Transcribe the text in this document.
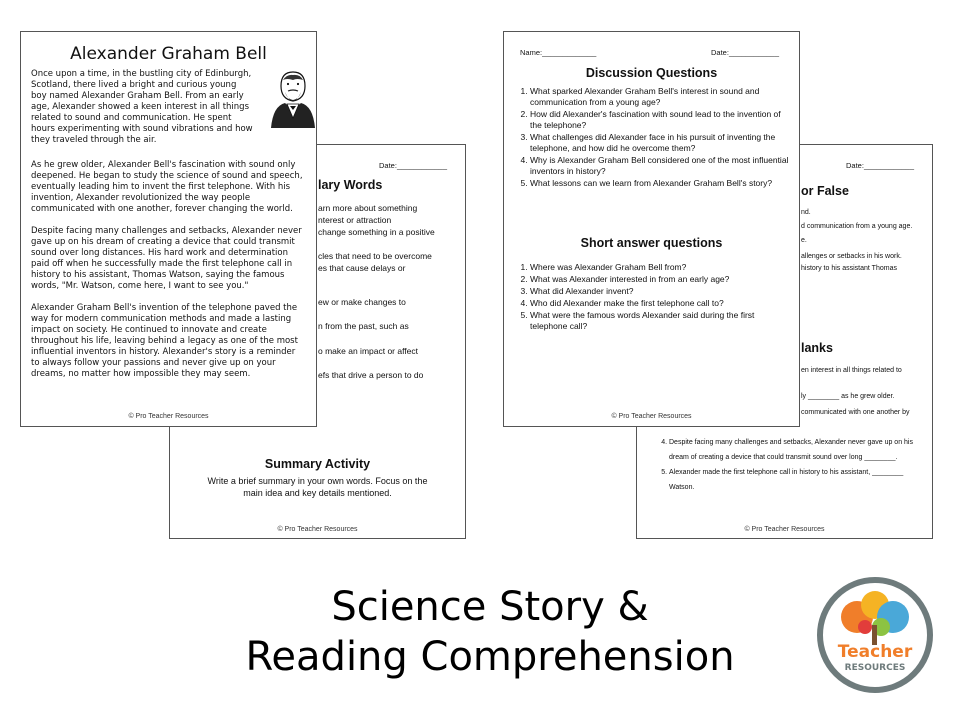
Date:____________
lary Words
arn more about something
nterest or attraction
change something in a positive
cles that need to be overcome
es that cause delays or
ew or make changes to
n from the past, such as
o make an impact or affect
efs that drive a person to do
Summary Activity
Write a brief summary in your own words. Focus on the main idea and key details mentioned.
© Pro Teacher Resources
Date:____________
or False
nd.
d communication from a young age.
e.
allenges or setbacks in his work.
history to his assistant Thomas
lanks
en interest in all things related to
ly ________ as he grew older.
communicated with one another by
4. Despite facing many challenges and setbacks, Alexander never gave up on his dream of creating a device that could transmit sound over long ________.
5. Alexander made the first telephone call in history to his assistant, ________ Watson.
© Pro Teacher Resources
Alexander Graham Bell
Once upon a time, in the bustling city of Edinburgh, Scotland, there lived a bright and curious young boy named Alexander Graham Bell. From an early age, Alexander showed a keen interest in all things related to sound and communication. He spent hours experimenting with sound vibrations and how they traveled through the air.
As he grew older, Alexander Bell's fascination with sound only deepened. He began to study the science of sound and speech, eventually leading him to invent the first telephone. With his invention, Alexander revolutionized the way people communicated with one another, forever changing the world.
Despite facing many challenges and setbacks, Alexander never gave up on his dream of creating a device that could transmit sound over long distances. His hard work and determination paid off when he successfully made the first telephone call in history to his assistant, Thomas Watson, saying the famous words, "Mr. Watson, come here, I want to see you."
Alexander Graham Bell's invention of the telephone paved the way for modern communication methods and made a lasting impact on society. He continued to innovate and create throughout his life, leaving behind a legacy as one of the most influential inventors in history. Alexander's story is a reminder to always follow your passions and never give up on your dreams, no matter how impossible they may seem.
© Pro Teacher Resources
Name:_____________	Date:____________
Discussion Questions
1. What sparked Alexander Graham Bell's interest in sound and communication from a young age?
2. How did Alexander's fascination with sound lead to the invention of the telephone?
3. What challenges did Alexander face in his pursuit of inventing the telephone, and how did he overcome them?
4. Why is Alexander Graham Bell considered one of the most influential inventors in history?
5. What lessons can we learn from Alexander Graham Bell's story?
Short answer questions
1. Where was Alexander Graham Bell from?
2. What was Alexander interested in from an early age?
3. What did Alexander invent?
4. Who did Alexander make the first telephone call to?
5. What were the famous words Alexander said during the first telephone call?
© Pro Teacher Resources
Science Story &
Reading Comprehension	Teacher
RESOURCES
